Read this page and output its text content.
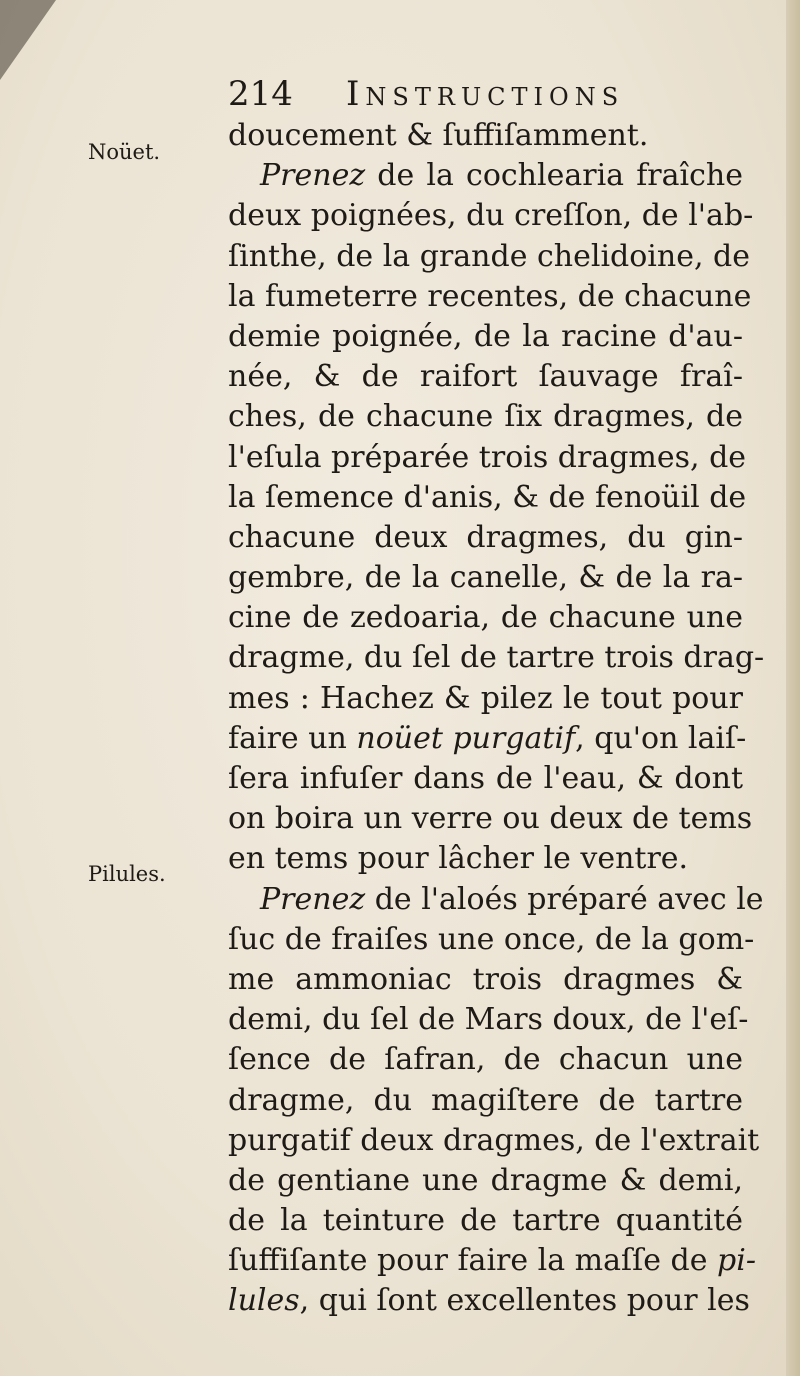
214 Instructions
Noüet.
Pilules.
doucement & ſuffiſamment.
Prenez de la cochlearia fraîche
deux poignées, du creſſon, de l'ab-
ſinthe, de la grande chelidoine, de
la fumeterre recentes, de chacune
demie poignée, de la racine d'au-
née, & de raifort ſauvage fraî-
ches, de chacune ſix dragmes, de
l'eſula préparée trois dragmes, de
la ſemence d'anis, & de fenoüil de
chacune deux dragmes, du gin-
gembre, de la canelle, & de la ra-
cine de zedoaria, de chacune une
dragme, du ſel de tartre trois drag-
mes : Hachez & pilez le tout pour
faire un noüet purgatif, qu'on laiſ-
ſera infuſer dans de l'eau, & dont
on boira un verre ou deux de tems
en tems pour lâcher le ventre.
Prenez de l'aloés préparé avec le
ſuc de fraiſes une once, de la gom-
me ammoniac trois dragmes &
demi, du ſel de Mars doux, de l'eſ-
ſence de ſafran, de chacun une
dragme, du magiſtere de tartre
purgatif deux dragmes, de l'extrait
de gentiane une dragme & demi,
de la teinture de tartre quantité
ſuffiſante pour faire la maſſe de pi-
lules, qui ſont excellentes pour les
